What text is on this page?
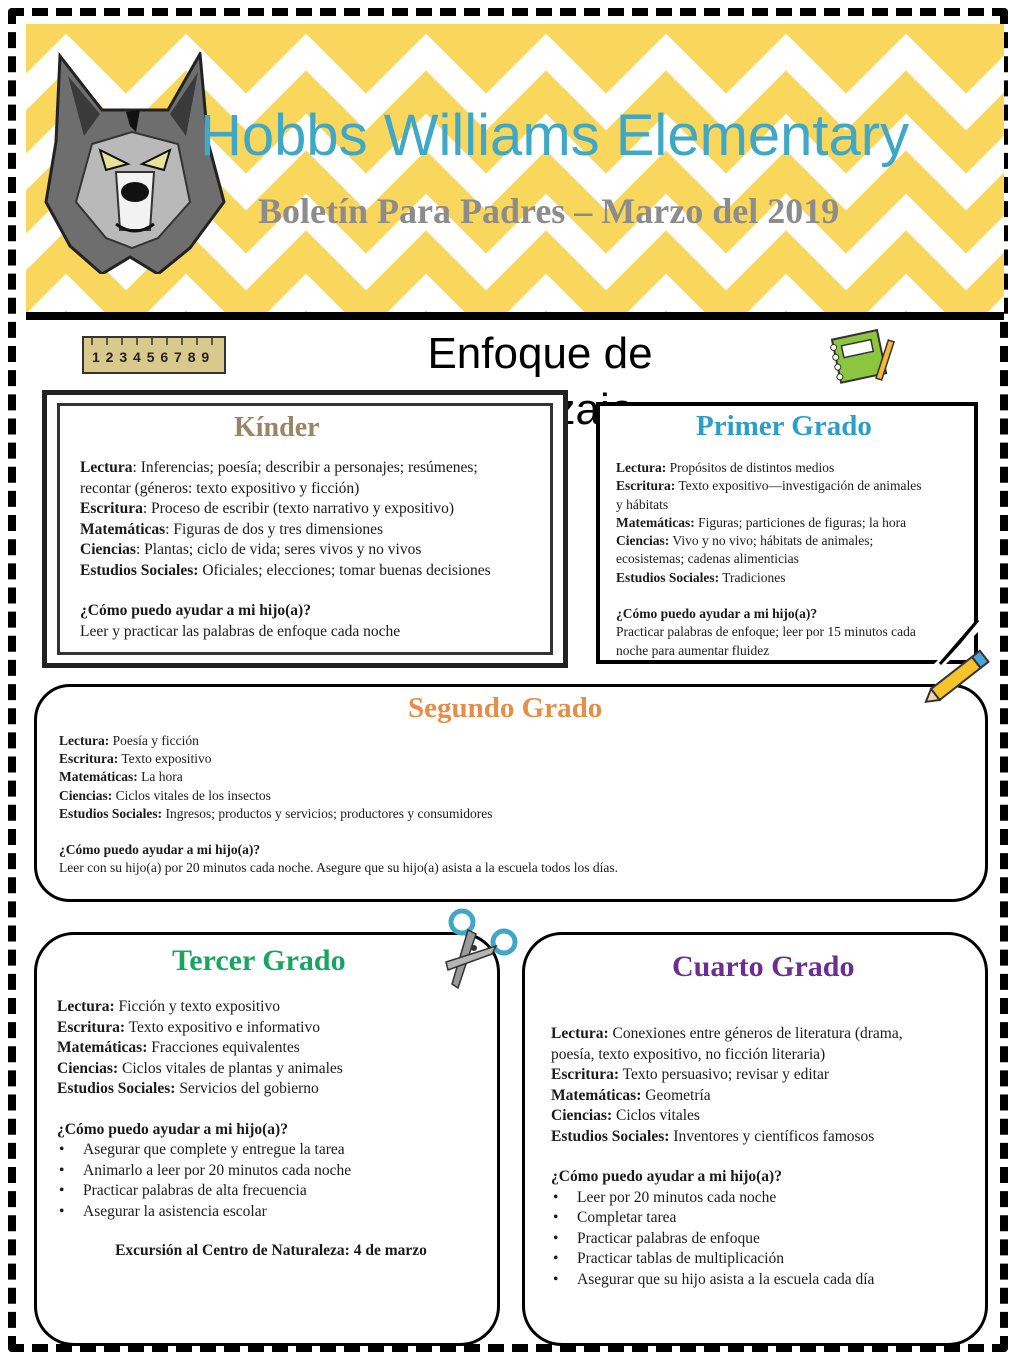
Hobbs Williams Elementary
Boletín Para Padres – Marzo del 2019
1 2 3 4 5 6 7 8 9	Enfoque de
Kínder
Lectura: Inferencias; poesía; describir a personajes; resúmenes;
recontar (géneros: texto expositivo y ficción)
Escritura: Proceso de escribir (texto narrativo y expositivo)
Matemáticas: Figuras de dos y tres dimensiones
Ciencias: Plantas; ciclo de vida; seres vivos y no vivos
Estudios Sociales: Oficiales; elecciones; tomar buenas decisiones
¿Cómo puedo ayudar a mi hijo(a)?
Leer y practicar las palabras de enfoque cada noche
Primer Grado
Lectura: Propósitos de distintos medios
Escritura: Texto expositivo—investigación de animales
y hábitats
Matemáticas: Figuras; particiones de figuras; la hora
Ciencias: Vivo y no vivo; hábitats de animales;
ecosistemas; cadenas alimenticias
Estudios Sociales: Tradiciones
¿Cómo puedo ayudar a mi hijo(a)?
Practicar palabras de enfoque; leer por 15 minutos cada
noche para aumentar fluidez
Segundo Grado
Lectura: Poesía y ficción
Escritura: Texto expositivo
Matemáticas: La hora
Ciencias: Ciclos vitales de los insectos
Estudios Sociales: Ingresos; productos y servicios; productores y consumidores
¿Cómo puedo ayudar a mi hijo(a)?
Leer con su hijo(a) por 20 minutos cada noche. Asegure que su hijo(a) asista a la escuela todos los días.
Tercer Grado
Lectura: Ficción y texto expositivo
Escritura: Texto expositivo e informativo
Matemáticas: Fracciones equivalentes
Ciencias: Ciclos vitales de plantas y animales
Estudios Sociales: Servicios del gobierno
¿Cómo puedo ayudar a mi hijo(a)?
• Asegurar que complete y entregue la tarea
• Animarlo a leer por 20 minutos cada noche
• Practicar palabras de alta frecuencia
• Asegurar la asistencia escolar
Excursión al Centro de Naturaleza: 4 de marzo
Cuarto Grado
Lectura: Conexiones entre géneros de literatura (drama,
poesía, texto expositivo, no ficción literaria)
Escritura: Texto persuasivo; revisar y editar
Matemáticas: Geometría
Ciencias: Ciclos vitales
Estudios Sociales: Inventores y científicos famosos
¿Cómo puedo ayudar a mi hijo(a)?
• Leer por 20 minutos cada noche
• Completar tarea
• Practicar palabras de enfoque
• Practicar tablas de multiplicación
• Asegurar que su hijo asista a la escuela cada día
